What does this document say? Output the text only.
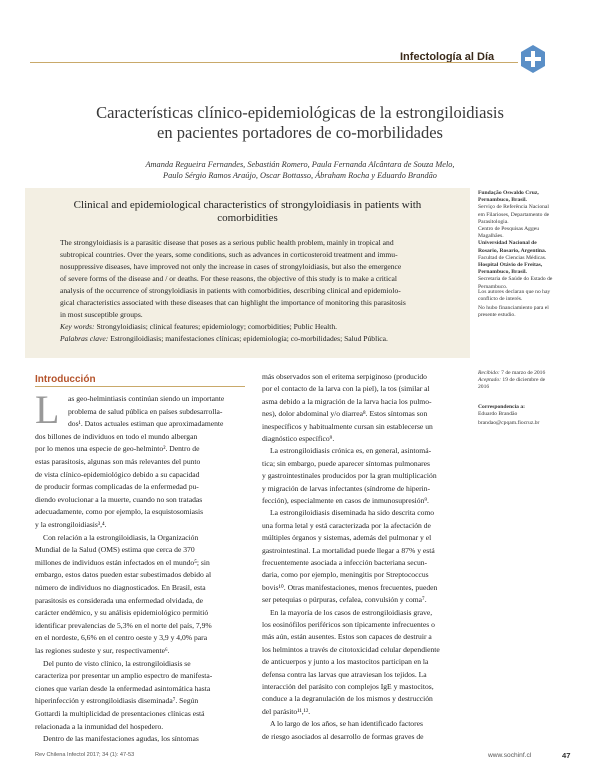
Infectología al Día
Características clínico-epidemiológicas de la estrongiloidiasis
en pacientes portadores de co-morbilidades
Amanda Regueira Fernandes, Sebastián Romero, Paula Fernanda Alcântara de Souza Melo,
Paulo Sérgio Ramos Araújo, Oscar Bottasso, Ábraham Rocha y Eduardo Brandão
Clinical and epidemiological characteristics of strongyloidiasis in patients with
comorbidities
The strongyloidiasis is a parasitic disease that poses as a serious public health problem, mainly in tropical and
subtropical countries. Over the years, some conditions, such as advances in corticosteroid treatment and immu-
nosuppressive diseases, have improved not only the increase in cases of strongyloidiasis, but also the emergence
of severe forms of the disease and / or deaths. For these reasons, the objective of this study is to make a critical
analysis of the occurrence of strongyloidiasis in patients with comorbidities, describing clinical and epidemiolo-
gical characteristics associated with these diseases that can highlight the importance of monitoring this parasitosis
in most susceptible groups.
Key words: Strongyloidiasis; clinical features; epidemiology; comorbidities; Public Health.
Palabras clave: Estrongiloidiasis; manifestaciones clínicas; epidemiología; co-morbilidades; Salud Pública.
Fundação Oswaldo Cruz,
Pernambuco, Brasil.
Serviço de Referência Nacional
em Filarioses, Departamento de
Parasitologia.
Centro de Pesquisas Aggeu
Magalhães.
Universidad Nacional de
Rosario, Rosario, Argentina.
Facultad de Ciencias Médicas.
Hospital Otávio de Freitas,
Pernambuco, Brasil.
Secretaria de Saúde do Estado de
Pernambuco.
Los autores declaran que no hay
conflicto de interés.
No hubo financiamiento para el
presente estudio.
Recibido: 7 de marzo de 2016
Aceptado: 19 de diciembre de
2016
Correspondencia a:
Eduardo Brandão
brandao@cpqam.fiocruz.br
Introducción
L as geo-helmintiasis continúan siendo un importante
problema de salud pública en países subdesarrolla-
dos¹. Datos actuales estiman que aproximadamente
dos billones de individuos en todo el mundo albergan
por lo menos una especie de geo-helminto². Dentro de
estas parasitosis, algunas son más relevantes del punto
de vista clínico-epidemiológico debido a su capacidad
de producir formas complicadas de la enfermedad pu-
diendo evolucionar a la muerte, cuando no son tratadas
adecuadamente, como por ejemplo, la esquistosomiasis
y la estrongiloidiasis³,⁴.
Con relación a la estrongiloidiasis, la Organización
Mundial de la Salud (OMS) estima que cerca de 370
millones de individuos están infectados en el mundo⁵; sin
embargo, estos datos pueden estar subestimados debido al
número de individuos no diagnosticados. En Brasil, esta
parasitosis es considerada una enfermedad olvidada, de
carácter endémico, y su análisis epidemiológico permitió
identificar prevalencias de 5,3% en el norte del país, 7,9%
en el nordeste, 6,6% en el centro oeste y 3,9 y 4,0% para
las regiones sudeste y sur, respectivamente⁶.
Del punto de visto clínico, la estrongiloidiasis se
caracteriza por presentar un amplio espectro de manifesta-
ciones que varían desde la enfermedad asintomática hasta
hiperinfección y estrongiloidiasis diseminada⁷. Según
Gottardi la multiplicidad de presentaciones clínicas está
relacionada a la inmunidad del hospedero.
Dentro de las manifestaciones agudas, los síntomas
más observados son el eritema serpiginoso (producido
por el contacto de la larva con la piel), la tos (similar al
asma debido a la migración de la larva hacia los pulmo-
nes), dolor abdominal y/o diarrea⁸. Estos síntomas son
inespecíficos y habitualmente cursan sin establecerse un
diagnóstico específico⁹.
La estrongiloidiasis crónica es, en general, asintomá-
tica; sin embargo, puede aparecer síntomas pulmonares
y gastrointestinales producidos por la gran multiplicación
y migración de larvas infectantes (síndrome de hiperin-
fección), especialmente en casos de inmunosupresión⁹.
La estrongiloidiasis diseminada ha sido descrita como
una forma letal y está caracterizada por la afectación de
múltiples órganos y sistemas, además del pulmonar y el
gastrointestinal. La mortalidad puede llegar a 87% y está
frecuentemente asociada a infección bacteriana secun-
daria, como por ejemplo, meningitis por Streptococcus
bovis¹⁰. Otras manifestaciones, menos frecuentes, pueden
ser petequias o púrpuras, cefalea, convulsión y coma⁷.
En la mayoría de los casos de estrongiloidiasis grave,
los eosinófilos periféricos son típicamente infrecuentes o
más aún, están ausentes. Estos son capaces de destruir a
los helmintos a través de citotoxicidad celular dependiente
de anticuerpos y junto a los mastocitos participan en la
defensa contra las larvas que atraviesan los tejidos. La
interacción del parásito con complejos IgE y mastocitos,
conduce a la degranulación de los mismos y destrucción
del parásito¹¹,¹².
A lo largo de los años, se han identificado factores
de riesgo asociados al desarrollo de formas graves de
Rev Chilena Infectol 2017; 34 (1): 47-53	www.sochinf.cl	47
